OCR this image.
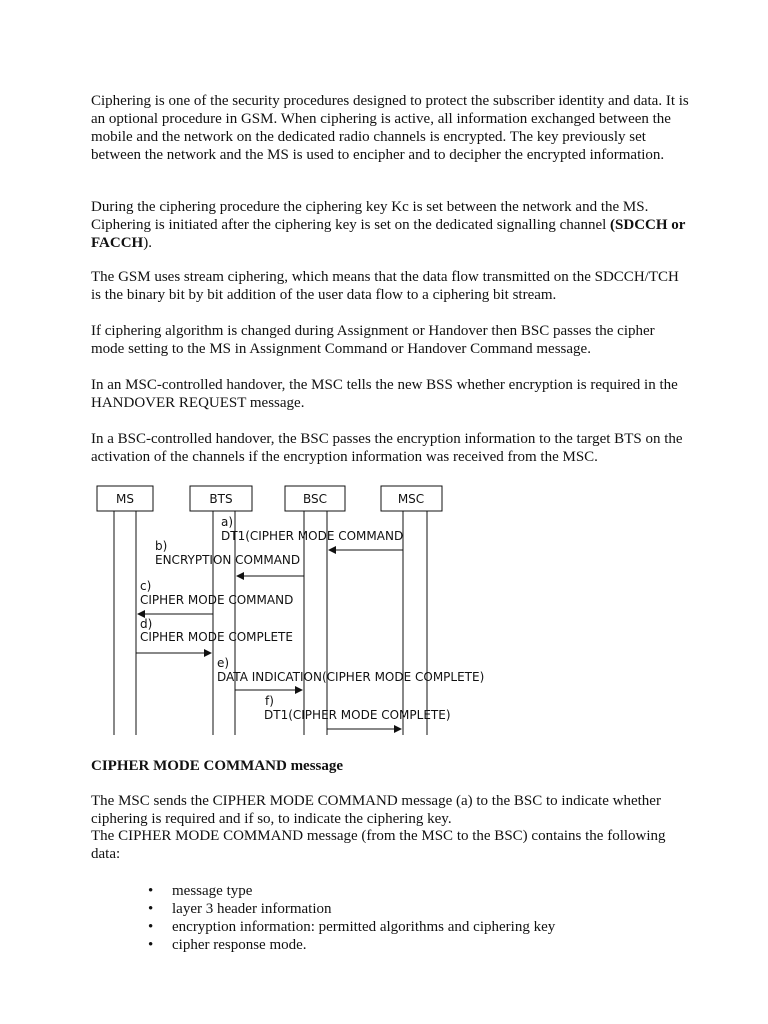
Ciphering is one of the security procedures designed to protect the subscriber identity and data. It is an optional procedure in GSM. When ciphering is active, all information exchanged between the mobile and the network on the dedicated radio channels is encrypted. The key previously set between the network and the MS is used to encipher and to decipher the encrypted information.

During the ciphering procedure the ciphering key Kc is set between the network and the MS. Ciphering is initiated after the ciphering key is set on the dedicated signalling channel (SDCCH or FACCH).

The GSM uses stream ciphering, which means that the data flow transmitted on the SDCCH/TCH is the binary bit by bit addition of the user data flow to a ciphering bit stream.

If ciphering algorithm is changed during Assignment or Handover then BSC passes the cipher mode setting to the MS in Assignment Command or Handover Command message.

In an MSC-controlled handover, the MSC tells the new BSS whether encryption is required in the HANDOVER REQUEST message.

In a BSC-controlled handover, the BSC passes the encryption information to the target BTS on the activation of the channels if the encryption information was received from the MSC.

MS	BTS	BSC	MSC
a)
DT1(CIPHER MODE COMMAND
b)
ENCRYPTION COMMAND
c)
CIPHER MODE COMMAND
d)
CIPHER MODE COMPLETE
e)
DATA INDICATION(CIPHER MODE COMPLETE)
f)
DT1(CIPHER MODE COMPLETE)

CIPHER MODE COMMAND message

The MSC sends the CIPHER MODE COMMAND message (a) to the BSC to indicate whether ciphering is required and if so, to indicate the ciphering key.

The CIPHER MODE COMMAND message (from the MSC to the BSC) contains the following data:

• message type
• layer 3 header information
• encryption information: permitted algorithms and ciphering key
• cipher response mode.
